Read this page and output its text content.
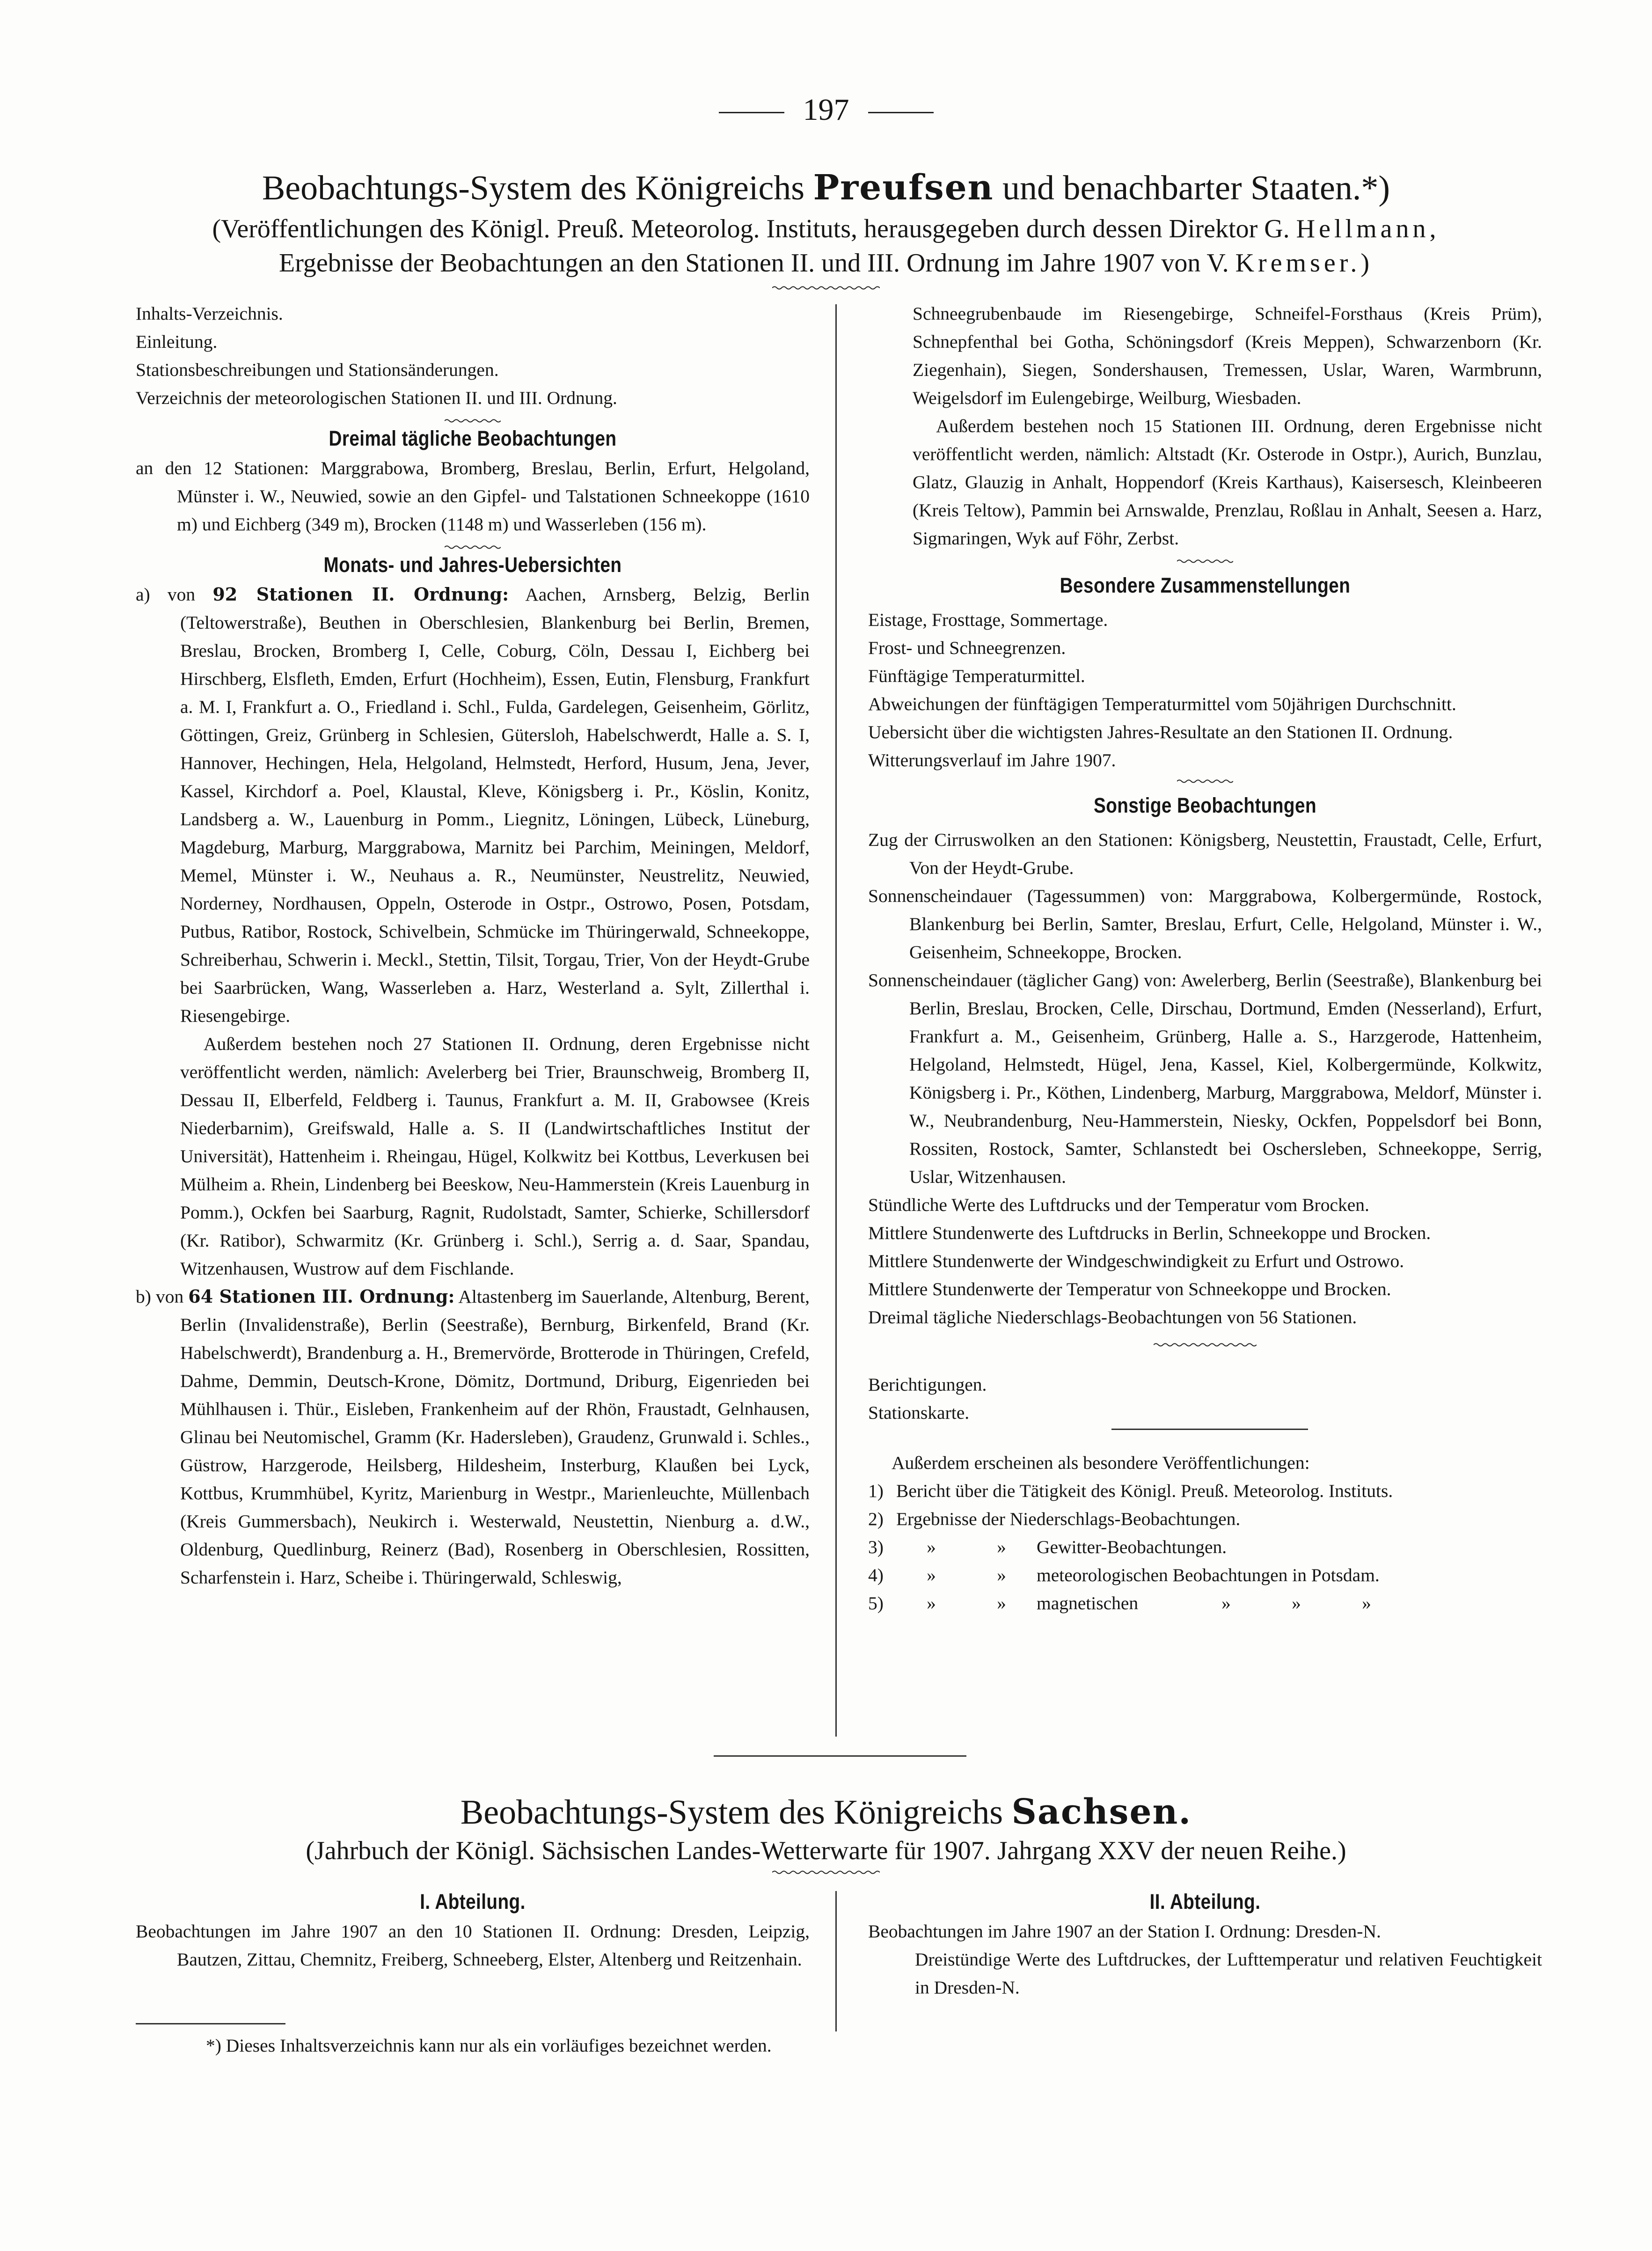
197
Beobachtungs-System des Königreichs Preufsen und benachbarter Staaten.*)
(Veröffentlichungen des Königl. Preuß. Meteorolog. Instituts, herausgegeben durch dessen Direktor G. Hellmann,
Ergebnisse der Beobachtungen an den Stationen II. und III. Ordnung im Jahre 1907 von V. Kremser.)

Inhalts-Verzeichnis.

Einleitung.

Stationsbeschreibungen und Stationsänderungen.

Verzeichnis der meteorologischen Stationen II. und III. Ordnung.

Dreimal tägliche Beobachtungen

an den 12 Stationen: Marggrabowa, Bromberg, Breslau, Berlin, Erfurt, Helgoland, Münster i. W., Neuwied, sowie an den Gipfel- und Talstationen Schneekoppe (1610 m) und Eichberg (349 m), Brocken (1148 m) und Wasserleben (156 m).

Monats- und Jahres-Uebersichten

a) von 92 Stationen II. Ordnung: Aachen, Arnsberg, Belzig, Berlin (Teltowerstraße), Beuthen in Oberschlesien, Blankenburg bei Berlin, Bremen, Breslau, Brocken, Bromberg I, Celle, Coburg, Cöln, Dessau I, Eichberg bei Hirschberg, Elsfleth, Emden, Erfurt (Hochheim), Essen, Eutin, Flensburg, Frankfurt a. M. I, Frankfurt a. O., Friedland i. Schl., Fulda, Gardelegen, Geisenheim, Görlitz, Göttingen, Greiz, Grünberg in Schlesien, Gütersloh, Habelschwerdt, Halle a. S. I, Hannover, Hechingen, Hela, Helgoland, Helmstedt, Herford, Husum, Jena, Jever, Kassel, Kirchdorf a. Poel, Klaustal, Kleve, Königsberg i. Pr., Köslin, Konitz, Landsberg a. W., Lauenburg in Pomm., Liegnitz, Löningen, Lübeck, Lüneburg, Magdeburg, Marburg, Marggrabowa, Marnitz bei Parchim, Meiningen, Meldorf, Memel, Münster i. W., Neuhaus a. R., Neumünster, Neustrelitz, Neuwied, Norderney, Nordhausen, Oppeln, Osterode in Ostpr., Ostrowo, Posen, Potsdam, Putbus, Ratibor, Rostock, Schivelbein, Schmücke im Thüringerwald, Schneekoppe, Schreiberhau, Schwerin i. Meckl., Stettin, Tilsit, Torgau, Trier, Von der Heydt-Grube bei Saarbrücken, Wang, Wasserleben a. Harz, Westerland a. Sylt, Zillerthal i. Riesengebirge.

Außerdem bestehen noch 27 Stationen II. Ordnung, deren Ergebnisse nicht veröffentlicht werden, nämlich: Avelerberg bei Trier, Braunschweig, Bromberg II, Dessau II, Elberfeld, Feldberg i. Taunus, Frankfurt a. M. II, Grabowsee (Kreis Niederbarnim), Greifswald, Halle a. S. II (Landwirtschaftliches Institut der Universität), Hattenheim i. Rheingau, Hügel, Kolkwitz bei Kottbus, Leverkusen bei Mülheim a. Rhein, Lindenberg bei Beeskow, Neu-Hammerstein (Kreis Lauenburg in Pomm.), Ockfen bei Saarburg, Ragnit, Rudolstadt, Samter, Schierke, Schillersdorf (Kr. Ratibor), Schwarmitz (Kr. Grünberg i. Schl.), Serrig a. d. Saar, Spandau, Witzenhausen, Wustrow auf dem Fischlande.

b) von 64 Stationen III. Ordnung: Altastenberg im Sauerlande, Altenburg, Berent, Berlin (Invalidenstraße), Berlin (Seestraße), Bernburg, Birkenfeld, Brand (Kr. Habelschwerdt), Brandenburg a. H., Bremervörde, Brotterode in Thüringen, Crefeld, Dahme, Demmin, Deutsch-Krone, Dömitz, Dortmund, Driburg, Eigenrieden bei Mühlhausen i. Thür., Eisleben, Frankenheim auf der Rhön, Fraustadt, Gelnhausen, Glinau bei Neutomischel, Gramm (Kr. Hadersleben), Graudenz, Grunwald i. Schles., Güstrow, Harzgerode, Heilsberg, Hildesheim, Insterburg, Klaußen bei Lyck, Kottbus, Krummhübel, Kyritz, Marienburg in Westpr., Marienleuchte, Müllenbach (Kreis Gummersbach), Neukirch i. Westerwald, Neustettin, Nienburg a. d.W., Oldenburg, Quedlinburg, Reinerz (Bad), Rosenberg in Oberschlesien, Rossitten, Scharfenstein i. Harz, Scheibe i. Thüringerwald, Schleswig,

Schneegrubenbaude im Riesengebirge, Schneifel-Forsthaus (Kreis Prüm), Schnepfenthal bei Gotha, Schöningsdorf (Kreis Meppen), Schwarzenborn (Kr. Ziegenhain), Siegen, Sondershausen, Tremessen, Uslar, Waren, Warmbrunn, Weigelsdorf im Eulengebirge, Weilburg, Wiesbaden.

Außerdem bestehen noch 15 Stationen III. Ordnung, deren Ergebnisse nicht veröffentlicht werden, nämlich: Altstadt (Kr. Osterode in Ostpr.), Aurich, Bunzlau, Glatz, Glauzig in Anhalt, Hoppendorf (Kreis Karthaus), Kaisersesch, Kleinbeeren (Kreis Teltow), Pammin bei Arnswalde, Prenzlau, Roßlau in Anhalt, Seesen a. Harz, Sigmaringen, Wyk auf Föhr, Zerbst.

Besondere Zusammenstellungen

Eistage, Frosttage, Sommertage.

Frost- und Schneegrenzen.

Fünftägige Temperaturmittel.

Abweichungen der fünftägigen Temperaturmittel vom 50jährigen Durchschnitt.

Uebersicht über die wichtigsten Jahres-Resultate an den Stationen II. Ordnung.

Witterungsverlauf im Jahre 1907.

Sonstige Beobachtungen

Zug der Cirruswolken an den Stationen: Königsberg, Neustettin, Fraustadt, Celle, Erfurt, Von der Heydt-Grube.

Sonnenscheindauer (Tagessummen) von: Marggrabowa, Kolbergermünde, Rostock, Blankenburg bei Berlin, Samter, Breslau, Erfurt, Celle, Helgoland, Münster i. W., Geisenheim, Schneekoppe, Brocken.

Sonnenscheindauer (täglicher Gang) von: Awelerberg, Berlin (Seestraße), Blankenburg bei Berlin, Breslau, Brocken, Celle, Dirschau, Dortmund, Emden (Nesserland), Erfurt, Frankfurt a. M., Geisenheim, Grünberg, Halle a. S., Harzgerode, Hattenheim, Helgoland, Helmstedt, Hügel, Jena, Kassel, Kiel, Kolbergermünde, Kolkwitz, Königsberg i. Pr., Köthen, Lindenberg, Marburg, Marggrabowa, Meldorf, Münster i. W., Neubrandenburg, Neu-Hammerstein, Niesky, Ockfen, Poppelsdorf bei Bonn, Rossiten, Rostock, Samter, Schlanstedt bei Oschersleben, Schneekoppe, Serrig, Uslar, Witzenhausen.

Stündliche Werte des Luftdrucks und der Temperatur vom Brocken.

Mittlere Stundenwerte des Luftdrucks in Berlin, Schneekoppe und Brocken.

Mittlere Stundenwerte der Windgeschwindigkeit zu Erfurt und Ostrowo.

Mittlere Stundenwerte der Temperatur von Schneekoppe und Brocken.

Dreimal tägliche Niederschlags-Beobachtungen von 56 Stationen.

Berichtigungen.

Stationskarte.

Außerdem erscheinen als besondere Veröffentlichungen:

1) Bericht über die Tätigkeit des Königl. Preuß. Meteorolog. Instituts.
2) Ergebnisse der Niederschlags-Beobachtungen.
3)	»	»	Gewitter-Beobachtungen.
4)	»	»	meteorologischen Beobachtungen in Potsdam.
5)	»	»	magnetischen	»	»	»
Beobachtungs-System des Königreichs Sachsen.
(Jahrbuch der Königl. Sächsischen Landes-Wetterwarte für 1907. Jahrgang XXV der neuen Reihe.)
I. Abteilung.

Beobachtungen im Jahre 1907 an den 10 Stationen II. Ordnung: Dresden, Leipzig, Bautzen, Zittau, Chemnitz, Freiberg, Schneeberg, Elster, Altenberg und Reitzenhain.

II. Abteilung.

Beobachtungen im Jahre 1907 an der Station I. Ordnung: Dresden-N.

Dreistündige Werte des Luftdruckes, der Lufttemperatur und relativen Feuchtigkeit in Dresden-N.

*) Dieses Inhaltsverzeichnis kann nur als ein vorläufiges bezeichnet werden.
